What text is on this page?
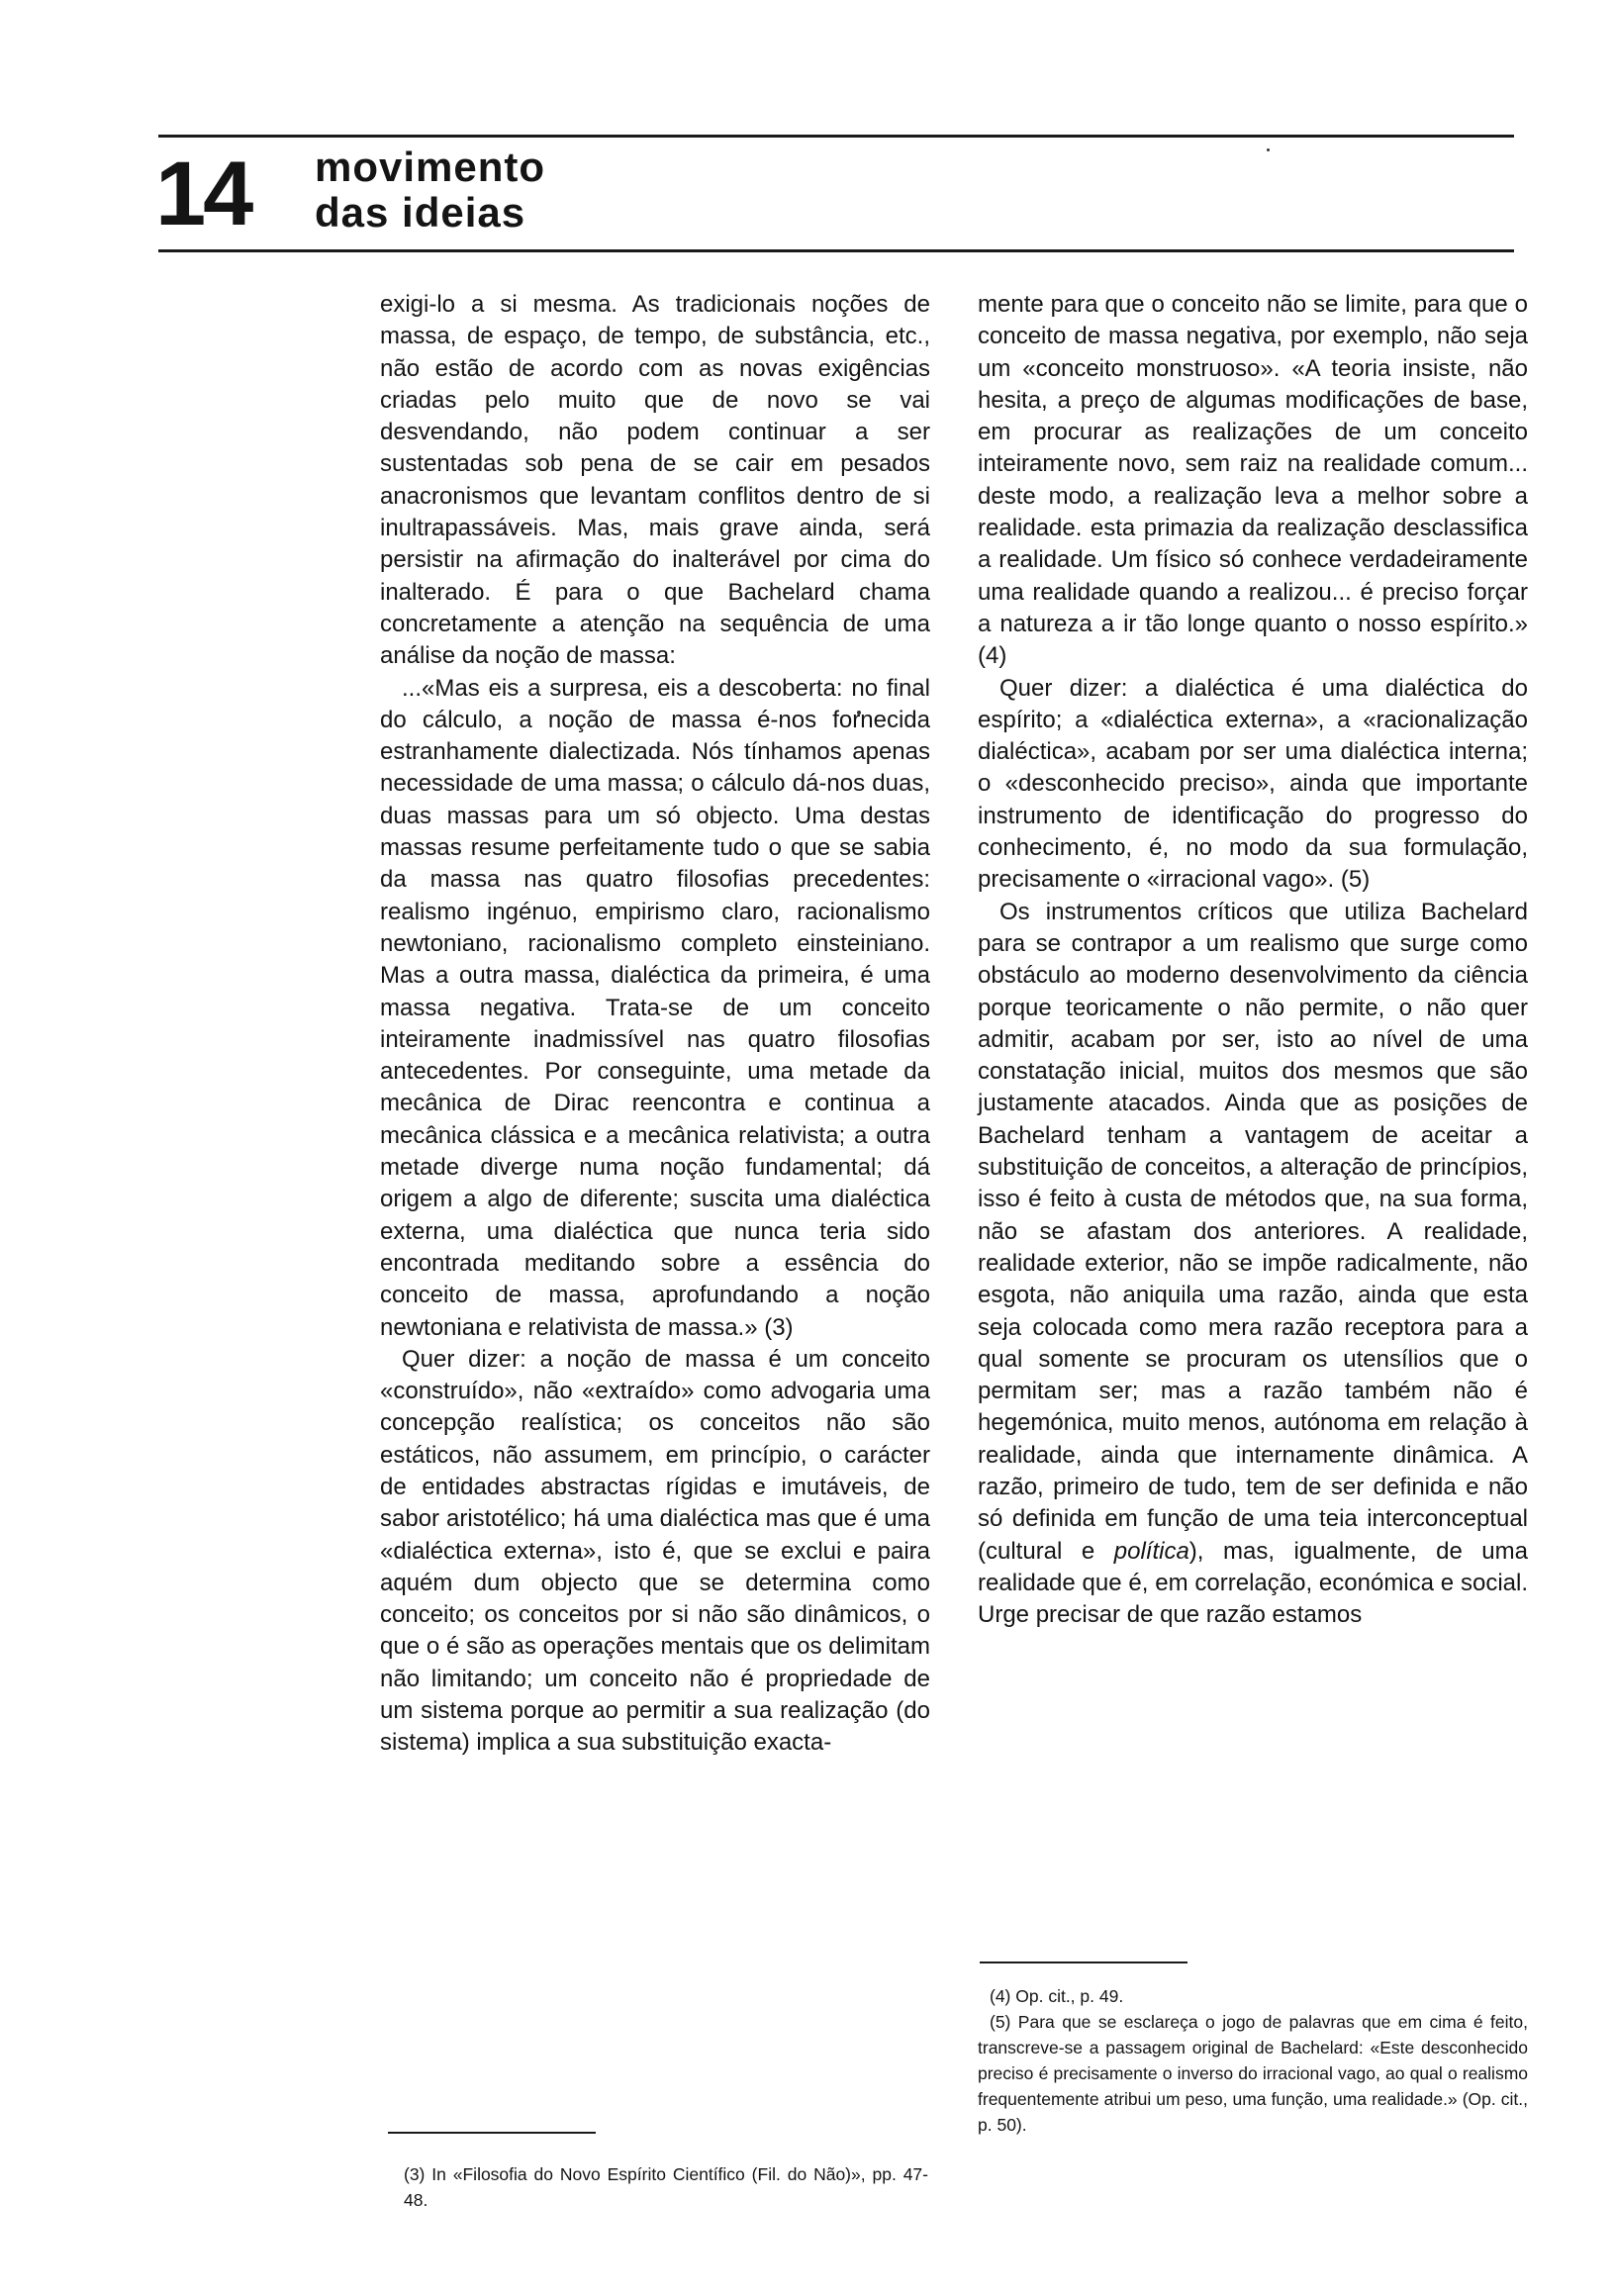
14 movimento
das ideias

exigi-lo a si mesma. As tradicionais noções de massa, de espaço, de tempo, de substância, etc., não estão de acordo com as novas exigências criadas pelo muito que de novo se vai desvendando, não podem continuar a ser sustentadas sob pena de se cair em pesados anacronismos que levantam conflitos dentro de si inultrapassáveis. Mas, mais grave ainda, será persistir na afirmação do inalterável por cima do inalterado. É para o que Bachelard chama concretamente a atenção na sequência de uma análise da noção de massa:

...«Mas eis a surpresa, eis a descoberta: no final do cálculo, a noção de massa é-nos fornecida estranhamente dialectizada. Nós tínhamos apenas necessidade de uma massa; o cálculo dá-nos duas, duas massas para um só objecto. Uma destas massas resume perfeitamente tudo o que se sabia da massa nas quatro filosofias precedentes: realismo ingénuo, empirismo claro, racionalismo newtoniano, racionalismo completo einsteiniano. Mas a outra massa, dialéctica da primeira, é uma massa negativa. Trata-se de um conceito inteiramente inadmissível nas quatro filosofias antecedentes. Por conseguinte, uma metade da mecânica de Dirac reencontra e continua a mecânica clássica e a mecânica relativista; a outra metade diverge numa noção fundamental; dá origem a algo de diferente; suscita uma dialéctica externa, uma dialéctica que nunca teria sido encontrada meditando sobre a essência do conceito de massa, aprofundando a noção newtoniana e relativista de massa.» (3)

Quer dizer: a noção de massa é um conceito «construído», não «extraído» como advogaria uma concepção realística; os conceitos não são estáticos, não assumem, em princípio, o carácter de entidades abstractas rígidas e imutáveis, de sabor aristotélico; há uma dialéctica mas que é uma «dialéctica externa», isto é, que se exclui e paira aquém dum objecto que se determina como conceito; os conceitos por si não são dinâmicos, o que o é são as operações mentais que os delimitam não limitando; um conceito não é propriedade de um sistema porque ao permitir a sua realização (do sistema) implica a sua substituição exacta-

mente para que o conceito não se limite, para que o conceito de massa negativa, por exemplo, não seja um «conceito monstruoso». «A teoria insiste, não hesita, a preço de algumas modificações de base, em procurar as realizações de um conceito inteiramente novo, sem raiz na realidade comum... deste modo, a realização leva a melhor sobre a realidade. esta primazia da realização desclassifica a realidade. Um físico só conhece verdadeiramente uma realidade quando a realizou... é preciso forçar a natureza a ir tão longe quanto o nosso espírito.» (4)

Quer dizer: a dialéctica é uma dialéctica do espírito; a «dialéctica externa», a «racionalização dialéctica», acabam por ser uma dialéctica interna; o «desconhecido preciso», ainda que importante instrumento de identificação do progresso do conhecimento, é, no modo da sua formulação, precisamente o «irracional vago». (5)

Os instrumentos críticos que utiliza Bachelard para se contrapor a um realismo que surge como obstáculo ao moderno desenvolvimento da ciência porque teoricamente o não permite, o não quer admitir, acabam por ser, isto ao nível de uma constatação inicial, muitos dos mesmos que são justamente atacados. Ainda que as posições de Bachelard tenham a vantagem de aceitar a substituição de conceitos, a alteração de princípios, isso é feito à custa de métodos que, na sua forma, não se afastam dos anteriores. A realidade, realidade exterior, não se impõe radicalmente, não esgota, não aniquila uma razão, ainda que esta seja colocada como mera razão receptora para a qual somente se procuram os utensílios que o permitam ser; mas a razão também não é hegemónica, muito menos, autónoma em relação à realidade, ainda que internamente dinâmica. A razão, primeiro de tudo, tem de ser definida e não só definida em função de uma teia interconceptual (cultural e política), mas, igualmente, de uma realidade que é, em correlação, económica e social. Urge precisar de que razão estamos

(3) In «Filosofia do Novo Espírito Científico (Fil. do Não)», pp. 47-48.

(4) Op. cit., p. 49.

(5) Para que se esclareça o jogo de palavras que em cima é feito, transcreve-se a passagem original de Bachelard: «Este desconhecido preciso é precisamente o inverso do irracional vago, ao qual o realismo frequentemente atribui um peso, uma função, uma realidade.» (Op. cit., p. 50).
